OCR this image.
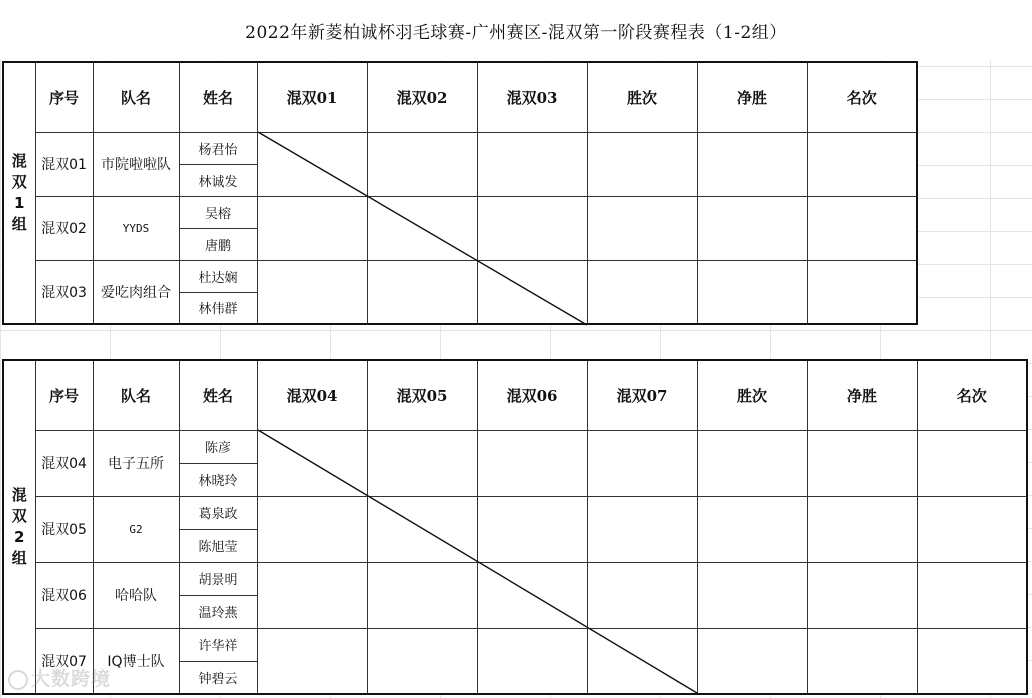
2022年新菱柏诚杯羽毛球赛-广州赛区-混双第一阶段赛程表（1-2组）
混
双
1
组	序号	队名	姓名	混双01	混双02	混双03	胜次	净胜	名次
	混双01	市院啦啦队	杨君怡						
			林诚发						
	混双02	YYDS	吴榕						
			唐鹏						
	混双03	爱吃肉组合	杜达娴						
			林伟群						
混
双
2
组	序号	队名	姓名	混双04	混双05	混双06	混双07	胜次	净胜	名次
	混双04	电子五所	陈彦							
			林晓玲							
	混双05	G2	葛泉政							
			陈旭莹							
	混双06	哈哈队	胡景明							
			温玲燕							
	混双07	IQ博士队	许华祥							
			钟碧云							
大数跨境
